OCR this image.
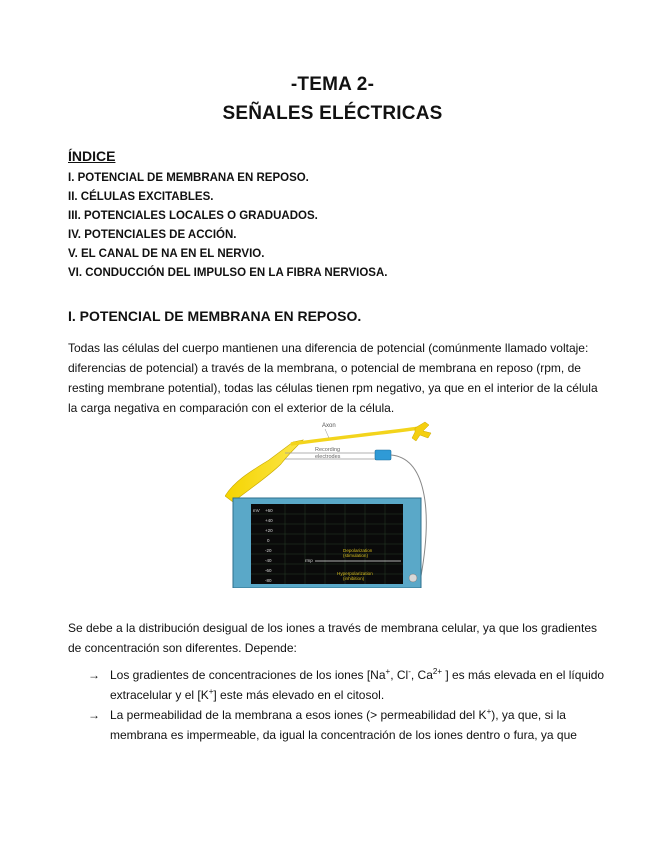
-TEMA 2-
SEÑALES ELÉCTRICAS
ÍNDICE
I. POTENCIAL DE MEMBRANA EN REPOSO.
II. CÉLULAS EXCITABLES.
III. POTENCIALES LOCALES O GRADUADOS.
IV. POTENCIALES DE ACCIÓN.
V. EL CANAL DE NA EN EL NERVIO.
VI. CONDUCCIÓN DEL IMPULSO EN LA FIBRA NERVIOSA.
I. POTENCIAL DE MEMBRANA EN REPOSO.

Todas las células del cuerpo mantienen una diferencia de potencial (comúnmente llamado voltaje: diferencias de potencial) a través de la membrana, o potencial de membrana en reposo (rpm, de resting membrane potential), todas las células tienen rpm negativo, ya que en el interior de la célula la carga negativa en comparación con el exterior de la célula.

Axon
Recording
electrodes
mV +60
+40
+20
0
-20
-40
-60
-80
rmp
Depolarization
(stimulation)
Hyperpolarization
(inhibition)

Se debe a la distribución desigual de los iones a través de membrana celular, ya que los gradientes de concentración son diferentes. Depende:

→ Los gradientes de concentraciones de los iones [Na+, Cl-, $Ca^{2+}$ ] es más elevada en el líquido extracelular y el [K+] este más elevado en el citosol.
→ La permeabilidad de la membrana a esos iones (> permeabilidad del K+), ya que, si la membrana es impermeable, da igual la concentración de los iones dentro o fura, ya que
